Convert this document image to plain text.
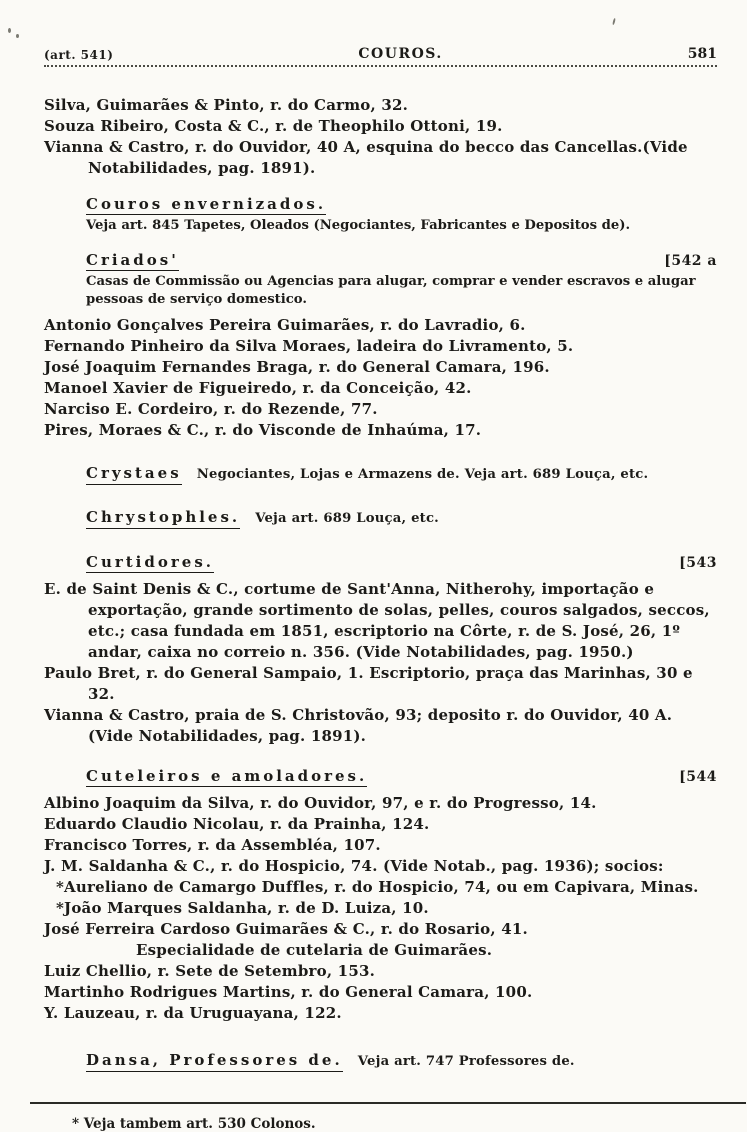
(art. 541)	COUROS.	581
Silva, Guimarães & Pinto, r. do Carmo, 32.
Souza Ribeiro, Costa & C., r. de Theophilo Ottoni, 19.
Vianna & Castro, r. do Ouvidor, 40 A, esquina do becco das Cancellas.(Vide Notabilidades, pag. 1891).
Couros envernizados.
Veja art. 845 Tapetes, Oleados (Negociantes, Fabricantes e Depositos de).
Criados'	[542 a
Casas de Commissão ou Agencias para alugar, comprar e vender escravos e alugar pessoas de serviço domestico.
Antonio Gonçalves Pereira Guimarães, r. do Lavradio, 6.
Fernando Pinheiro da Silva Moraes, ladeira do Livramento, 5.
José Joaquim Fernandes Braga, r. do General Camara, 196.
Manoel Xavier de Figueiredo, r. da Conceição, 42.
Narciso E. Cordeiro, r. do Rezende, 77.
Pires, Moraes & C., r. do Visconde de Inhaúma, 17.
Crystaes Negociantes, Lojas e Armazens de. Veja art. 689 Louça, etc.
Chrystophles. Veja art. 689 Louça, etc.
Curtidores.	[543
E. de Saint Denis & C., cortume de Sant'Anna, Nitherohy, importação e exportação, grande sortimento de solas, pelles, couros salgados, seccos, etc.; casa fundada em 1851, escriptorio na Côrte, r. de S. José, 26, 1º andar, caixa no correio n. 356. (Vide Notabilidades, pag. 1950.)
Paulo Bret, r. do General Sampaio, 1. Escriptorio, praça das Marinhas, 30 e 32.
Vianna & Castro, praia de S. Christovão, 93; deposito r. do Ouvidor, 40 A.(Vide Notabilidades, pag. 1891).
Cuteleiros e amoladores.	[544
Albino Joaquim da Silva, r. do Ouvidor, 97, e r. do Progresso, 14.
Eduardo Claudio Nicolau, r. da Prainha, 124.
Francisco Torres, r. da Assembléa, 107.
J. M. Saldanha & C., r. do Hospicio, 74. (Vide Notab., pag. 1936); socios:
*Aureliano de Camargo Duffles, r. do Hospicio, 74, ou em Capivara, Minas.
*João Marques Saldanha, r. de D. Luiza, 10.
José Ferreira Cardoso Guimarães & C., r. do Rosario, 41.
Especialidade de cutelaria de Guimarães.
Luiz Chellio, r. Sete de Setembro, 153.
Martinho Rodrigues Martins, r. do General Camara, 100.
Y. Lauzeau, r. da Uruguayana, 122.
Dansa, Professores de. Veja art. 747 Professores de.
* Veja tambem art. 530 Colonos.
